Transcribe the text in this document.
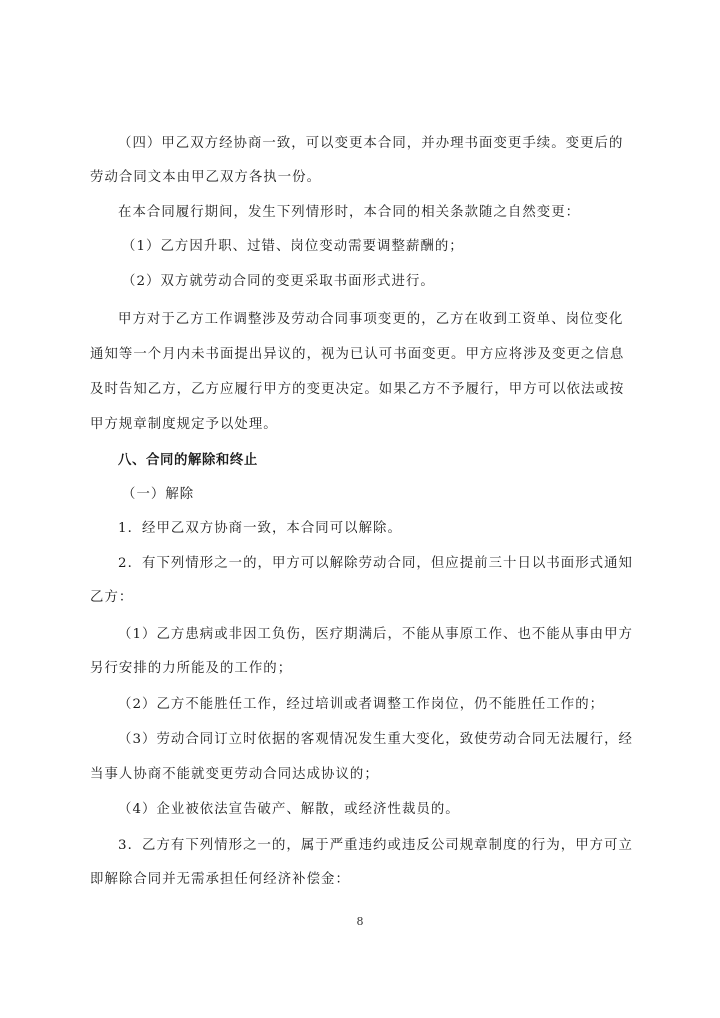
（四）甲乙双方经协商一致，可以变更本合同，并办理书面变更手续。变更后的
劳动合同文本由甲乙双方各执一份。
在本合同履行期间，发生下列情形时，本合同的相关条款随之自然变更：
（1）乙方因升职、过错、岗位变动需要调整薪酬的；
（2）双方就劳动合同的变更采取书面形式进行。
甲方对于乙方工作调整涉及劳动合同事项变更的，乙方在收到工资单、岗位变化
通知等一个月内未书面提出异议的，视为已认可书面变更。甲方应将涉及变更之信息
及时告知乙方，乙方应履行甲方的变更决定。如果乙方不予履行，甲方可以依法或按
甲方规章制度规定予以处理。
八、合同的解除和终止
（一）解除
1．经甲乙双方协商一致，本合同可以解除。
2．有下列情形之一的，甲方可以解除劳动合同，但应提前三十日以书面形式通知
乙方：
（1）乙方患病或非因工负伤，医疗期满后，不能从事原工作、也不能从事由甲方
另行安排的力所能及的工作的；
（2）乙方不能胜任工作，经过培训或者调整工作岗位，仍不能胜任工作的；
（3）劳动合同订立时依据的客观情况发生重大变化，致使劳动合同无法履行，经
当事人协商不能就变更劳动合同达成协议的；
（4）企业被依法宣告破产、解散，或经济性裁员的。
3．乙方有下列情形之一的，属于严重违约或违反公司规章制度的行为，甲方可立
即解除合同并无需承担任何经济补偿金：
8
